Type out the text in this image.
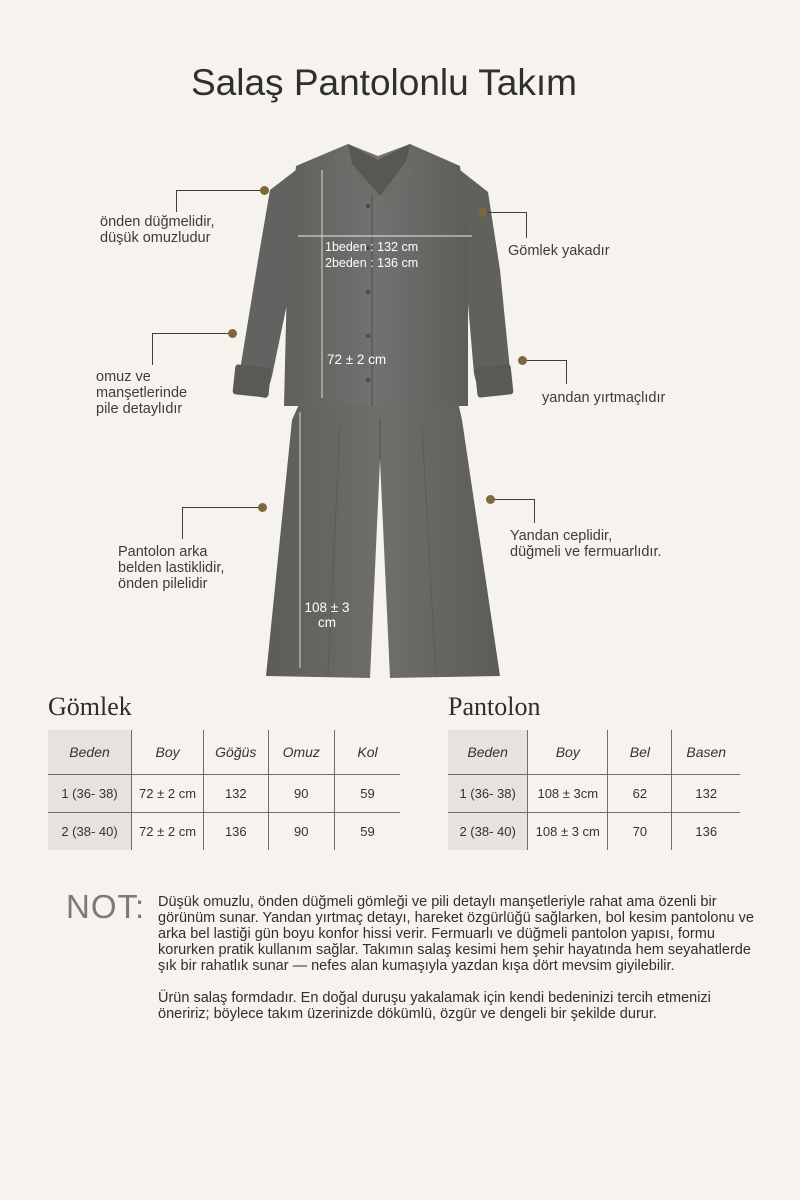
Salaş Pantolonlu Takım
1beden : 132 cm
2beden : 136 cm
72 ± 2 cm
108 ± 3
cm
önden düğmelidir,
düşük omuzludur
omuz ve
manşetlerinde
pile detaylıdır
Pantolon arka
belden lastiklidir,
önden pilelidir
Gömlek yakadır
yandan yırtmaçlıdır
Yandan ceplidir,
düğmeli ve fermuarlıdır.
Gömlek
Beden	Boy	Göğüs	Omuz	Kol
1 (36- 38)	72 ± 2 cm	132	90	59
2 (38- 40)	72 ± 2 cm	136	90	59
Pantolon
Beden	Boy	Bel	Basen
1 (36- 38)	108 ± 3cm	62	132
2 (38- 40)	108 ± 3 cm	70	136
NOT: Düşük omuzlu, önden düğmeli gömleği ve pili detaylı manşetleriyle rahat ama özenli bir görünüm sunar. Yandan yırtmaç detayı, hareket özgürlüğü sağlarken, bol kesim pantolonu ve arka bel lastiği gün boyu konfor hissi verir. Fermuarlı ve düğmeli pantolon yapısı, formu korurken pratik kullanım sağlar. Takımın salaş kesimi hem şehir hayatında hem seyahatlerde şık bir rahatlık sunar — nefes alan kumaşıyla yazdan kışa dört mevsim giyilebilir.

Ürün salaş formdadır. En doğal duruşu yakalamak için kendi bedeninizi tercih etmenizi öneririz; böylece takım üzerinizde dökümlü, özgür ve dengeli bir şekilde durur.
